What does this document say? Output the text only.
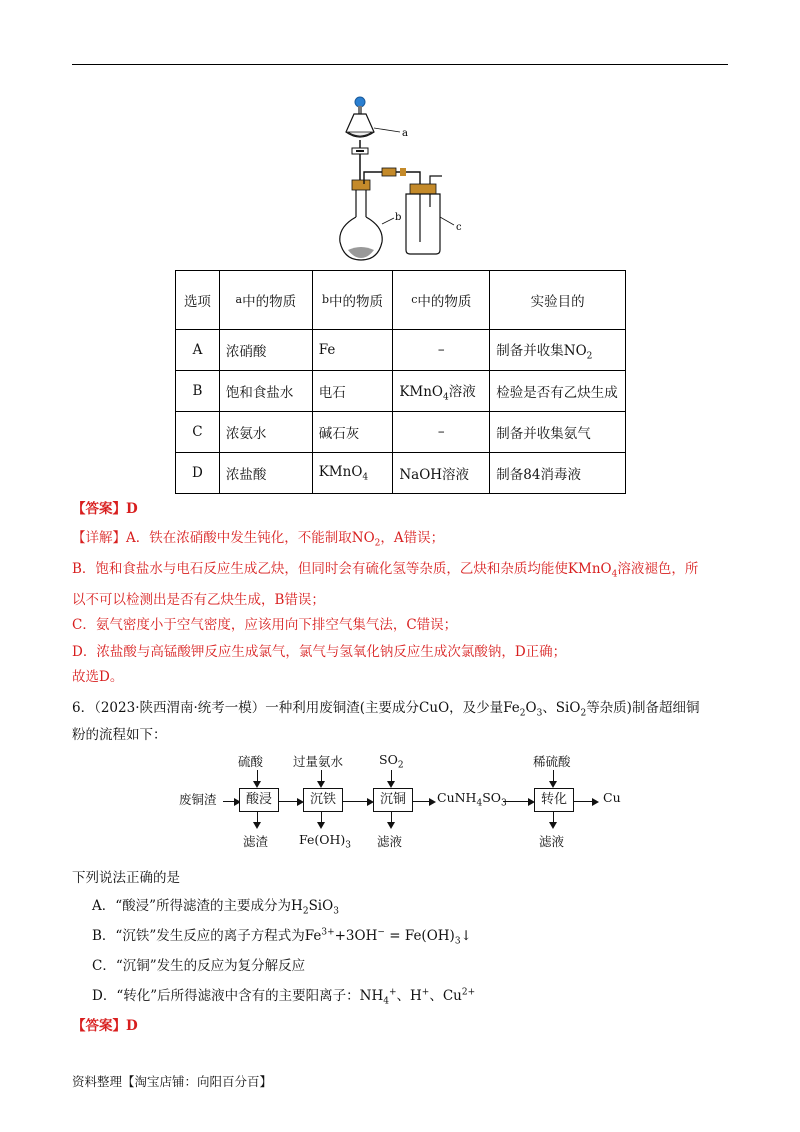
a
b
c
选项	$^a$中的物质	$^b$中的物质	$^c$中的物质	实验目的
A	浓硝酸	Fe	–	制备并收集$NO_2$
B	饱和食盐水	电石	KMnO$_4$溶液	检验是否有乙炔生成
C	浓氨水	碱石灰	–	制备并收集氨气
D	浓盐酸	KMnO$_4$	NaOH溶液	制备84消毒液
【答案】D
【详解】A．铁在浓硝酸中发生钝化，不能制取$NO_2$，A错误；
B．饱和食盐水与电石反应生成乙炔，但同时会有硫化氢等杂质，乙炔和杂质均能使KMnO$_4$溶液褪色，所
以不可以检测出是否有乙炔生成，B错误；
C．氨气密度小于空气密度，应该用向下排空气集气法，C错误；
D．浓盐酸与高锰酸钾反应生成氯气，氯气与氢氧化钠反应生成次氯酸钠，D正确；
故选D。
6．（2023·陕西渭南·统考一模）一种利用废铜渣(主要成分CuO，及少量$Fe_2O_3$、SiO$_2$等杂质)制备超细铜
粉的流程如下：
硫酸 过量氨水	$SO_2$	稀硫酸
废铜渣	酸浸	沉铁	沉铜	$CuNH_4SO_3$	转化	Cu
滤渣 $Fe(OH)_3$ 滤液	滤液
下列说法正确的是
A．“酸浸”所得滤渣的主要成分为$H_2SiO_3$
B．“沉铁”发生反应的离子方程式为$Fe^{3+}+3OH^-$ = $Fe(OH)_3↓$
C．“沉铜”发生的反应为复分解反应
D．“转化”后所得滤液中含有的主要阳离子：$NH_4^+$、H+、$Cu^{2+}$
【答案】D
资料整理【淘宝店铺：向阳百分百】
